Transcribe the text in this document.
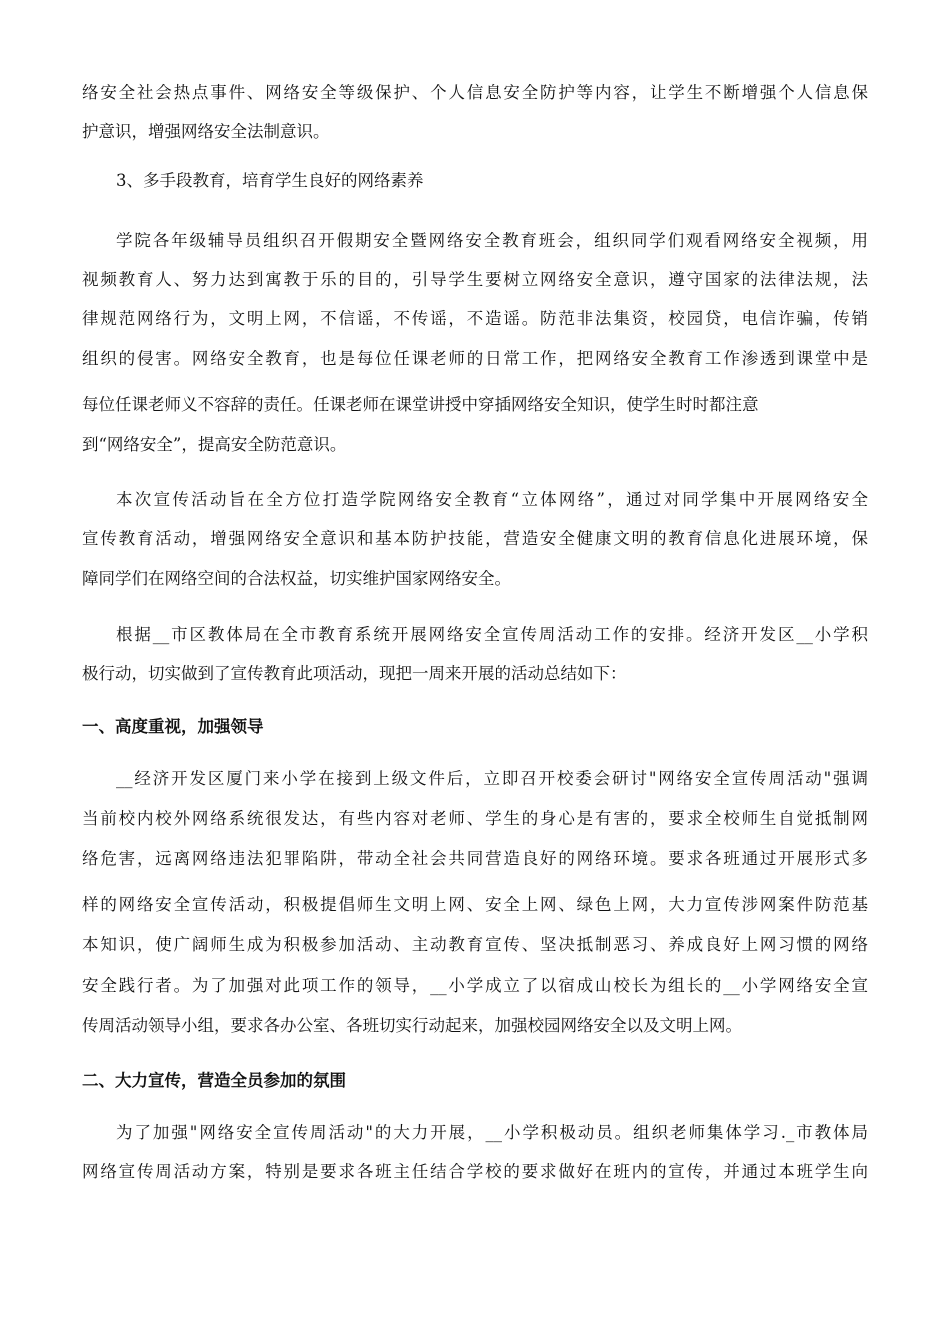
络安全社会热点事件、网络安全等级保护、个人信息安全防护等内容，让学生不断增强个人信息保
护意识，增强网络安全法制意识。
3、多手段教育，培育学生良好的网络素养
学院各年级辅导员组织召开假期安全暨网络安全教育班会，组织同学们观看网络安全视频，用
视频教育人、努力达到寓教于乐的目的，引导学生要树立网络安全意识，遵守国家的法律法规，法
律规范网络行为，文明上网，不信谣，不传谣，不造谣。防范非法集资，校园贷，电信诈骗，传销
组织的侵害。网络安全教育，也是每位任课老师的日常工作，把网络安全教育工作渗透到课堂中是
每位任课老师义不容辞的责任。任课老师在课堂讲授中穿插网络安全知识，使学生时时都注意
到“网络安全”，提高安全防范意识。
本次宣传活动旨在全方位打造学院网络安全教育“立体网络”，通过对同学集中开展网络安全
宣传教育活动，增强网络安全意识和基本防护技能，营造安全健康文明的教育信息化进展环境，保
障同学们在网络空间的合法权益，切实维护国家网络安全。
根据__市区教体局在全市教育系统开展网络安全宣传周活动工作的安排。经济开发区__小学积
极行动，切实做到了宣传教育此项活动，现把一周来开展的活动总结如下：
一、高度重视，加强领导
__经济开发区厦门来小学在接到上级文件后，立即召开校委会研讨"网络安全宣传周活动"强调
当前校内校外网络系统很发达，有些内容对老师、学生的身心是有害的，要求全校师生自觉抵制网
络危害，远离网络违法犯罪陷阱，带动全社会共同营造良好的网络环境。要求各班通过开展形式多
样的网络安全宣传活动，积极提倡师生文明上网、安全上网、绿色上网，大力宣传涉网案件防范基
本知识，使广阔师生成为积极参加活动、主动教育宣传、坚决抵制恶习、养成良好上网习惯的网络
安全践行者。为了加强对此项工作的领导，__小学成立了以宿成山校长为组长的__小学网络安全宣
传周活动领导小组，要求各办公室、各班切实行动起来，加强校园网络安全以及文明上网。
二、大力宣传，营造全员参加的氛围
为了加强"网络安全宣传周活动"的大力开展，__小学积极动员。组织老师集体学习._市教体局
网络宣传周活动方案，特别是要求各班主任结合学校的要求做好在班内的宣传，并通过本班学生向
